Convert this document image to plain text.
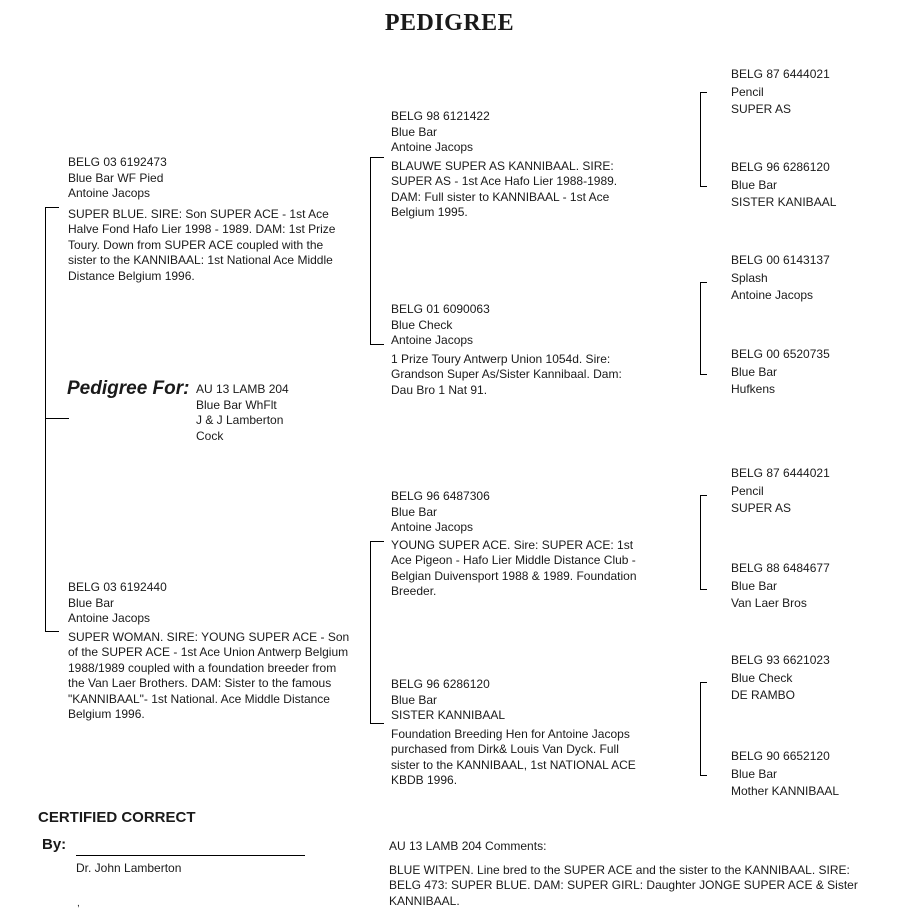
PEDIGREE
BELG 03 6192473
Blue Bar WF Pied
Antoine Jacops
SUPER BLUE. SIRE: Son SUPER ACE - 1st Ace Halve Fond Hafo Lier 1998 - 1989. DAM: 1st Prize Toury. Down from SUPER ACE coupled with the sister to the KANNIBAAL: 1st National Ace Middle Distance Belgium 1996.
Pedigree For: AU 13 LAMB 204
Blue Bar WhFlt
J & J Lamberton
Cock
BELG 03 6192440
Blue Bar
Antoine Jacops
SUPER WOMAN. SIRE: YOUNG SUPER ACE - Son of the SUPER ACE - 1st Ace Union Antwerp Belgium 1988/1989 coupled with a foundation breeder from the Van Laer Brothers. DAM: Sister to the famous "KANNIBAAL"- 1st National. Ace Middle Distance Belgium 1996.
BELG 98 6121422
Blue Bar
Antoine Jacops
BLAUWE SUPER AS KANNIBAAL. SIRE: SUPER AS - 1st Ace Hafo Lier 1988-1989. DAM: Full sister to KANNIBAAL - 1st Ace Belgium 1995.
BELG 01 6090063
Blue Check
Antoine Jacops
1 Prize Toury Antwerp Union 1054d. Sire: Grandson Super As/Sister Kannibaal. Dam: Dau Bro 1 Nat 91.
BELG 96 6487306
Blue Bar
Antoine Jacops
YOUNG SUPER ACE. Sire: SUPER ACE: 1st Ace Pigeon - Hafo Lier Middle Distance Club - Belgian Duivensport 1988 & 1989. Foundation Breeder.
BELG 96 6286120
Blue Bar
SISTER KANNIBAAL
Foundation Breeding Hen for Antoine Jacops purchased from Dirk& Louis Van Dyck. Full sister to the KANNIBAAL, 1st NATIONAL ACE KBDB 1996.
BELG 87 6444021
Pencil
SUPER AS
BELG 96 6286120
Blue Bar
SISTER KANIBAAL
BELG 00 6143137
Splash
Antoine Jacops
BELG 00 6520735
Blue Bar
Hufkens
BELG 87 6444021
Pencil
SUPER AS
BELG 88 6484677
Blue Bar
Van Laer Bros
BELG 93 6621023
Blue Check
DE RAMBO
BELG 90 6652120
Blue Bar
Mother KANNIBAAL
CERTIFIED CORRECT
By:
Dr. John Lamberton
,
AU 13 LAMB 204 Comments:
BLUE WITPEN. Line bred to the SUPER ACE and the sister to the KANNIBAAL. SIRE: BELG 473: SUPER BLUE. DAM: SUPER GIRL: Daughter JONGE SUPER ACE & Sister KANNIBAAL.
